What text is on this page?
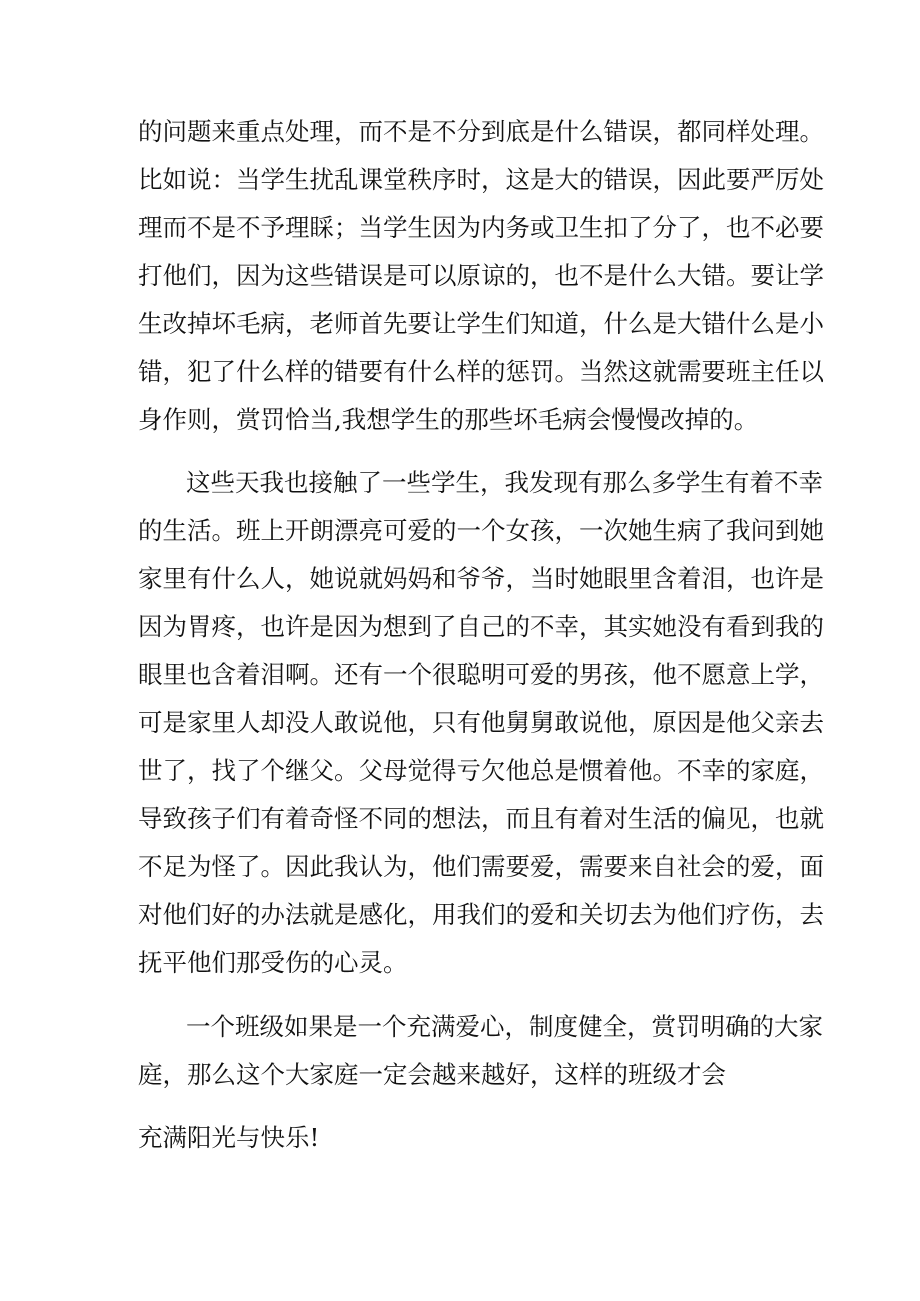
的问题来重点处理，而不是不分到底是什么错误，都同样处理。
比如说：当学生扰乱课堂秩序时，这是大的错误，因此要严厉处
理而不是不予理睬；当学生因为内务或卫生扣了分了，也不必要
打他们，因为这些错误是可以原谅的，也不是什么大错。要让学
生改掉坏毛病，老师首先要让学生们知道，什么是大错什么是小
错，犯了什么样的错要有什么样的惩罚。当然这就需要班主任以
身作则，赏罚恰当,我想学生的那些坏毛病会慢慢改掉的。
这些天我也接触了一些学生，我发现有那么多学生有着不幸
的生活。班上开朗漂亮可爱的一个女孩，一次她生病了我问到她
家里有什么人，她说就妈妈和爷爷，当时她眼里含着泪，也许是
因为胃疼，也许是因为想到了自己的不幸，其实她没有看到我的
眼里也含着泪啊。还有一个很聪明可爱的男孩，他不愿意上学，
可是家里人却没人敢说他，只有他舅舅敢说他，原因是他父亲去
世了，找了个继父。父母觉得亏欠他总是惯着他。不幸的家庭，
导致孩子们有着奇怪不同的想法，而且有着对生活的偏见，也就
不足为怪了。因此我认为，他们需要爱，需要来自社会的爱，面
对他们好的办法就是感化，用我们的爱和关切去为他们疗伤，去
抚平他们那受伤的心灵。
一个班级如果是一个充满爱心，制度健全，赏罚明确的大家
庭，那么这个大家庭一定会越来越好，这样的班级才会
充满阳光与快乐!
